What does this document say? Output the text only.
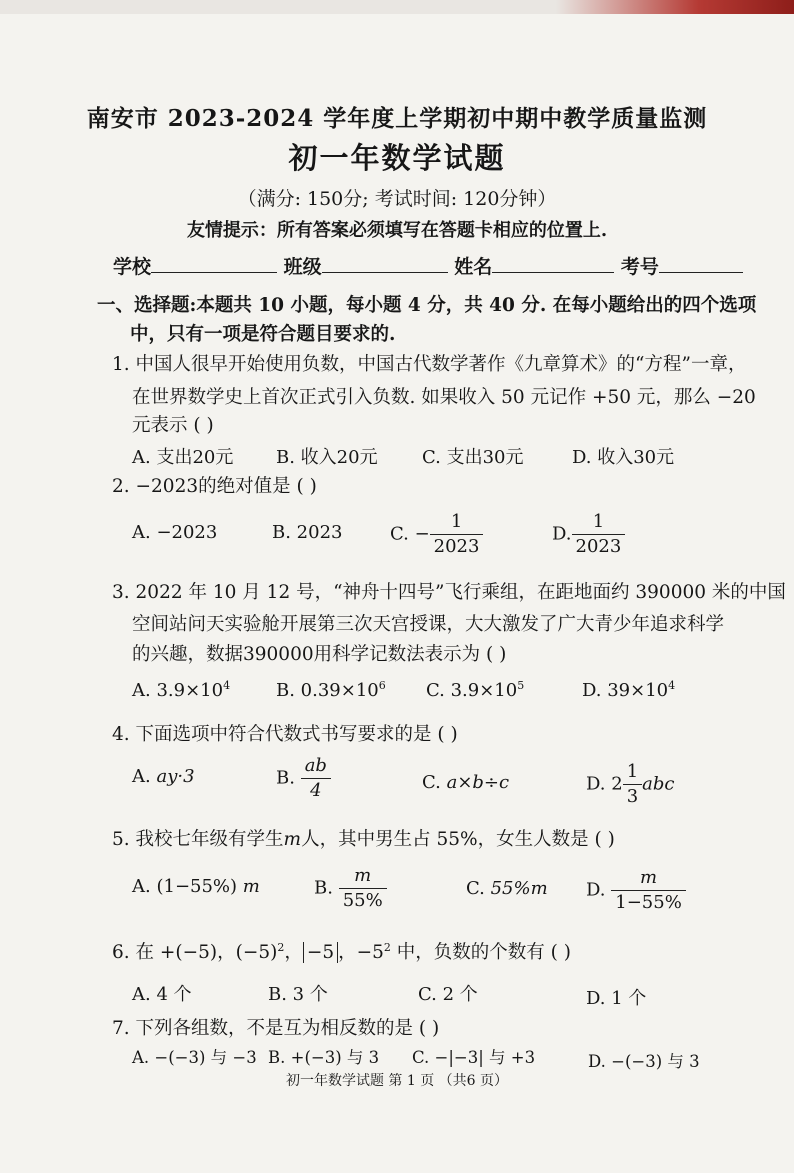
南安市 2023-2024 学年度上学期初中期中教学质量监测
初一年数学试题
（满分: 150分; 考试时间: 120分钟）
友情提示：所有答案必须填写在答题卡相应的位置上.
学校	班级	姓名	考号
一、选择题:本题共 10 小题，每小题 4 分，共 40 分. 在每小题给出的四个选项
中，只有一项是符合题目要求的.
1. 中国人很早开始使用负数，中国古代数学著作《九章算术》的“方程”一章，
在世界数学史上首次正式引入负数. 如果收入 50 元记作 +50 元，那么 −20
元表示 ( )
A. 支出20元 B. 收入20元 C. 支出30元	D. 收入30元
2. −2023的绝对值是 ( )
A. −2023	B. 2023	C. − $\frac{1}{2023}$	D. $\frac{1}{2023}$
3. 2022 年 10 月 12 号，“神舟十四号”飞行乘组，在距地面约 390000 米的中国
空间站问天实验舱开展第三次天宫授课，大大激发了广大青少年追求科学
的兴趣，数据390000用科学记数法表示为 ( )
A. $3.9\times 10^4$	B. $0.39\times 10^6$ C. $3.9\times 10^5$	D. $39\times 10^4$
4. 下面选项中符合代数式书写要求的是 ( )
A. ay·3	B. $\frac{ab}{4}$	C. a×b÷c	D. $2 \frac{1}{3}$ abc
5. 我校七年级有学生m人，其中男生占 55%，女生人数是 ( )
A. (1−55%) m	B. $\frac{m}{55\%}$	C. 55%m D. $\frac{m}{1-55\%}$
6. 在 +(−5)，$(-5)^2$， −5 ，$-5^2$ 中，负数的个数有 ( )
A. 4 个	B. 3 个	C. 2 个	D. 1 个
7. 下列各组数，不是互为相反数的是 ( )
A. −(−3) 与 −3 B. +(−3) 与 3 C. −|−3| 与 +3	D. −(−3) 与 3
初一年数学试题 第 1 页 （共6 页）
